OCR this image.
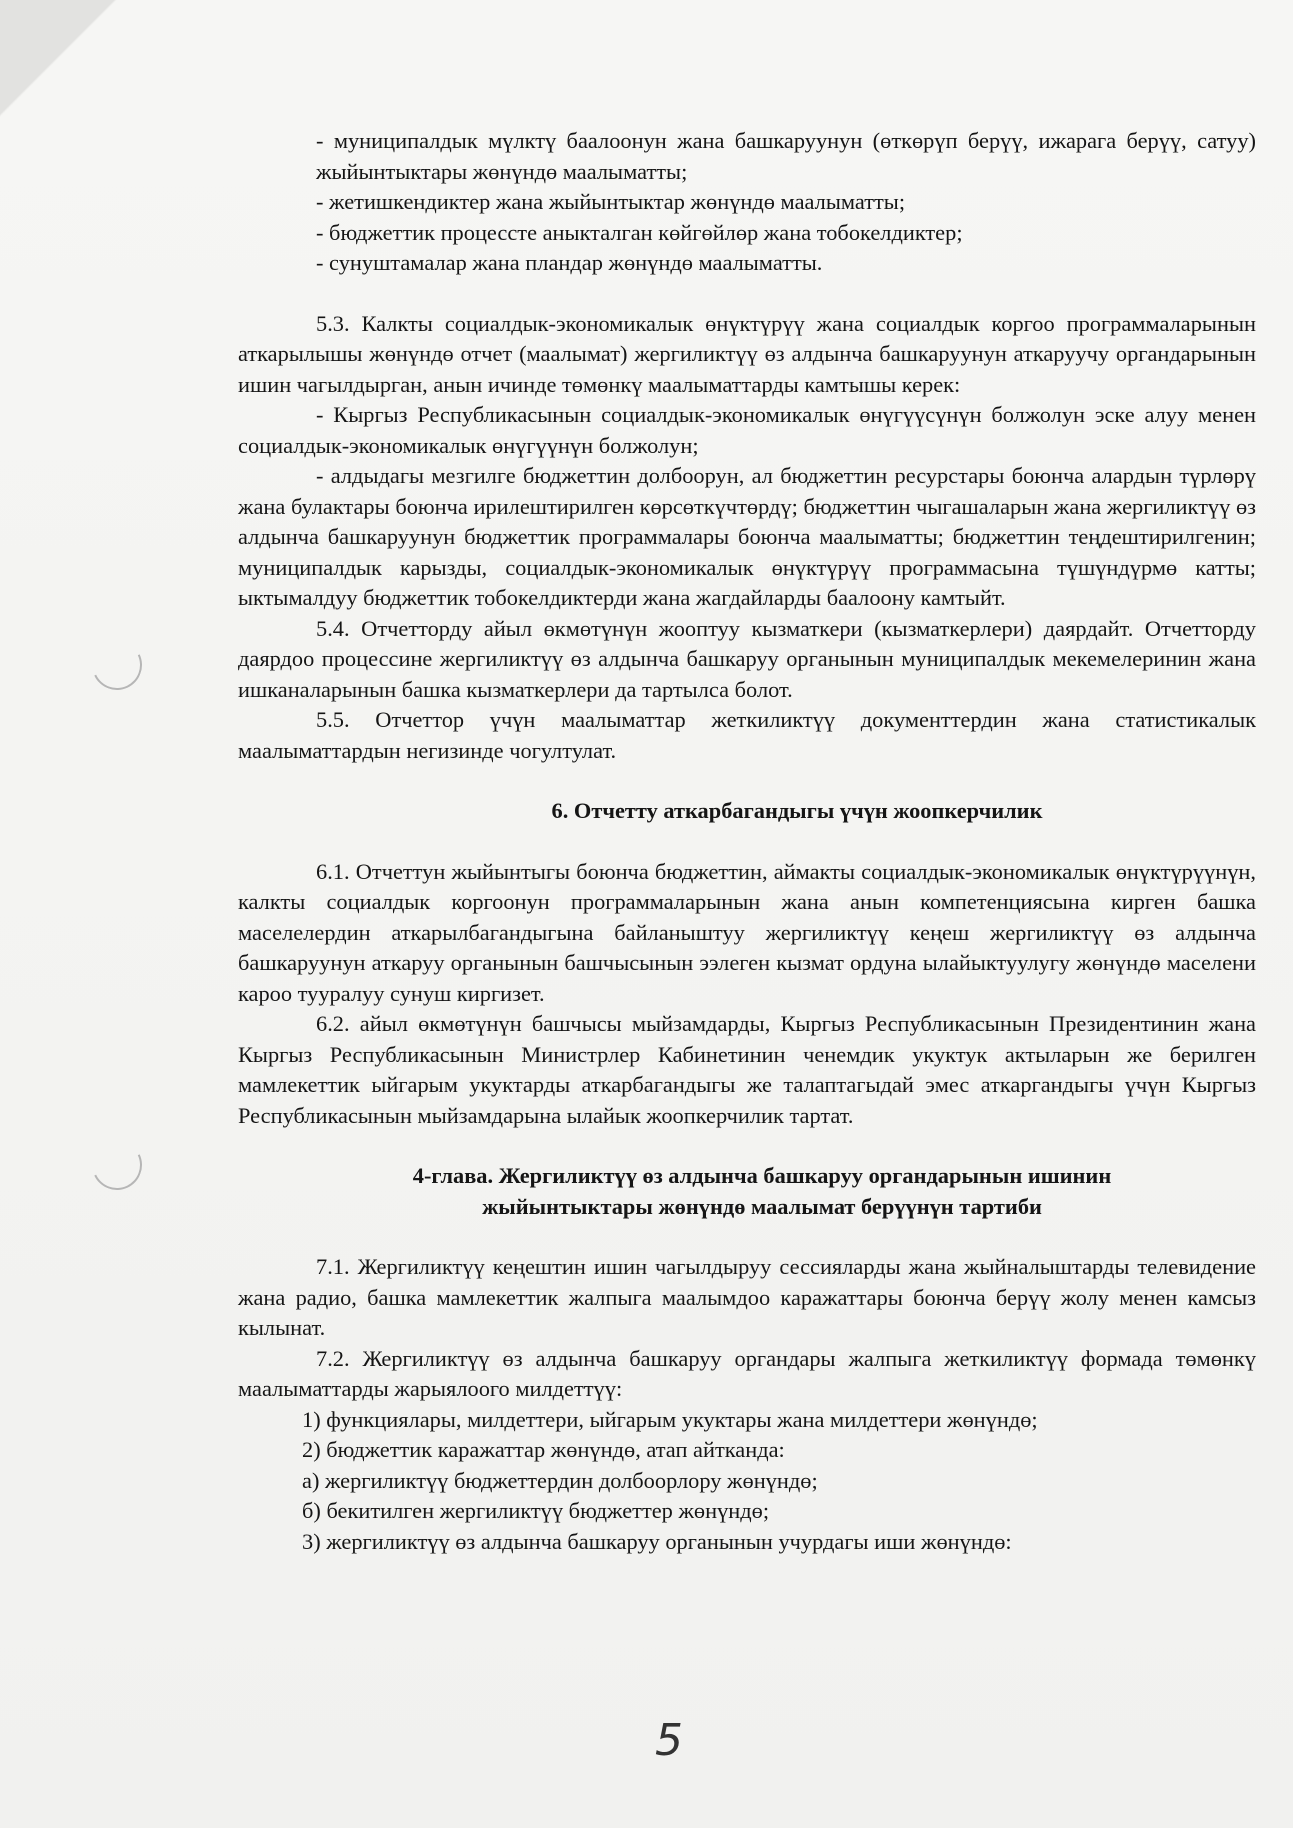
- муниципалдык мүлктү баалоонун жана башкаруунун (өткөрүп берүү, ижарага берүү, сатуу) жыйынтыктары жөнүндө маалыматты;

- жетишкендиктер жана жыйынтыктар жөнүндө маалыматты;

- бюджеттик процессте аныкталган көйгөйлөр жана тобокелдиктер;

- сунуштамалар жана пландар жөнүндө маалыматты.

5.3. Калкты социалдык-экономикалык өнүктүрүү жана социалдык коргоо программаларынын аткарылышы жөнүндө отчет (маалымат) жергиликтүү өз алдынча башкаруунун аткаруучу органдарынын ишин чагылдырган, анын ичинде төмөнкү маалыматтарды камтышы керек:

- Кыргыз Республикасынын социалдык-экономикалык өнүгүүсүнүн болжолун эске алуу менен социалдык-экономикалык өнүгүүнүн болжолун;

- алдыдагы мезгилге бюджеттин долбоорун, ал бюджеттин ресурстары боюнча алардын түрлөрү жана булактары боюнча ирилештирилген көрсөткүчтөрдү; бюджеттин чыгашаларын жана жергиликтүү өз алдынча башкаруунун бюджеттик программалары боюнча маалыматты; бюджеттин теңдештирилгенин; муниципалдык карызды, социалдык-экономикалык өнүктүрүү программасына түшүндүрмө катты; ыктымалдуу бюджеттик тобокелдиктерди жана жагдайларды баалоону камтыйт.

5.4. Отчетторду айыл өкмөтүнүн жооптуу кызматкери (кызматкерлери) даярдайт. Отчетторду даярдоо процессине жергиликтүү өз алдынча башкаруу органынын муниципалдык мекемелеринин жана ишканаларынын башка кызматкерлери да тартылса болот.

5.5. Отчеттор үчүн маалыматтар жеткиликтүү документтердин жана статистикалык маалыматтардын негизинде чогултулат.

6. Отчетту аткарбагандыгы үчүн жоопкерчилик

6.1. Отчеттун жыйынтыгы боюнча бюджеттин, аймакты социалдык-экономикалык өнүктүрүүнүн, калкты социалдык коргоонун программаларынын жана анын компетенциясына кирген башка маселелердин аткарылбагандыгына байланыштуу жергиликтүү кеңеш жергиликтүү өз алдынча башкаруунун аткаруу органынын башчысынын ээлеген кызмат ордуна ылайыктуулугу жөнүндө маселени кароо тууралуу сунуш киргизет.

6.2. айыл өкмөтүнүн башчысы мыйзамдарды, Кыргыз Республикасынын Президентинин жана Кыргыз Республикасынын Министрлер Кабинетинин ченемдик укуктук актыларын же берилген мамлекеттик ыйгарым укуктарды аткарбагандыгы же талаптагыдай эмес аткаргандыгы үчүн Кыргыз Республикасынын мыйзамдарына ылайык жоопкерчилик тартат.

4-глава. Жергиликтүү өз алдынча башкаруу органдарынын ишинин жыйынтыктары жөнүндө маалымат берүүнүн тартиби

7.1. Жергиликтүү кеңештин ишин чагылдыруу сессияларды жана жыйналыштарды телевидение жана радио, башка мамлекеттик жалпыга маалымдоо каражаттары боюнча берүү жолу менен камсыз кылынат.

7.2. Жергиликтүү өз алдынча башкаруу органдары жалпыга жеткиликтүү формада төмөнкү маалыматтарды жарыялоого милдеттүү:

1) функциялары, милдеттери, ыйгарым укуктары жана милдеттери жөнүндө;

2) бюджеттик каражаттар жөнүндө, атап айтканда:

а) жергиликтүү бюджеттердин долбоорлору жөнүндө;

б) бекитилген жергиликтүү бюджеттер жөнүндө;

3) жергиликтүү өз алдынча башкаруу органынын учурдагы иши жөнүндө:

5
